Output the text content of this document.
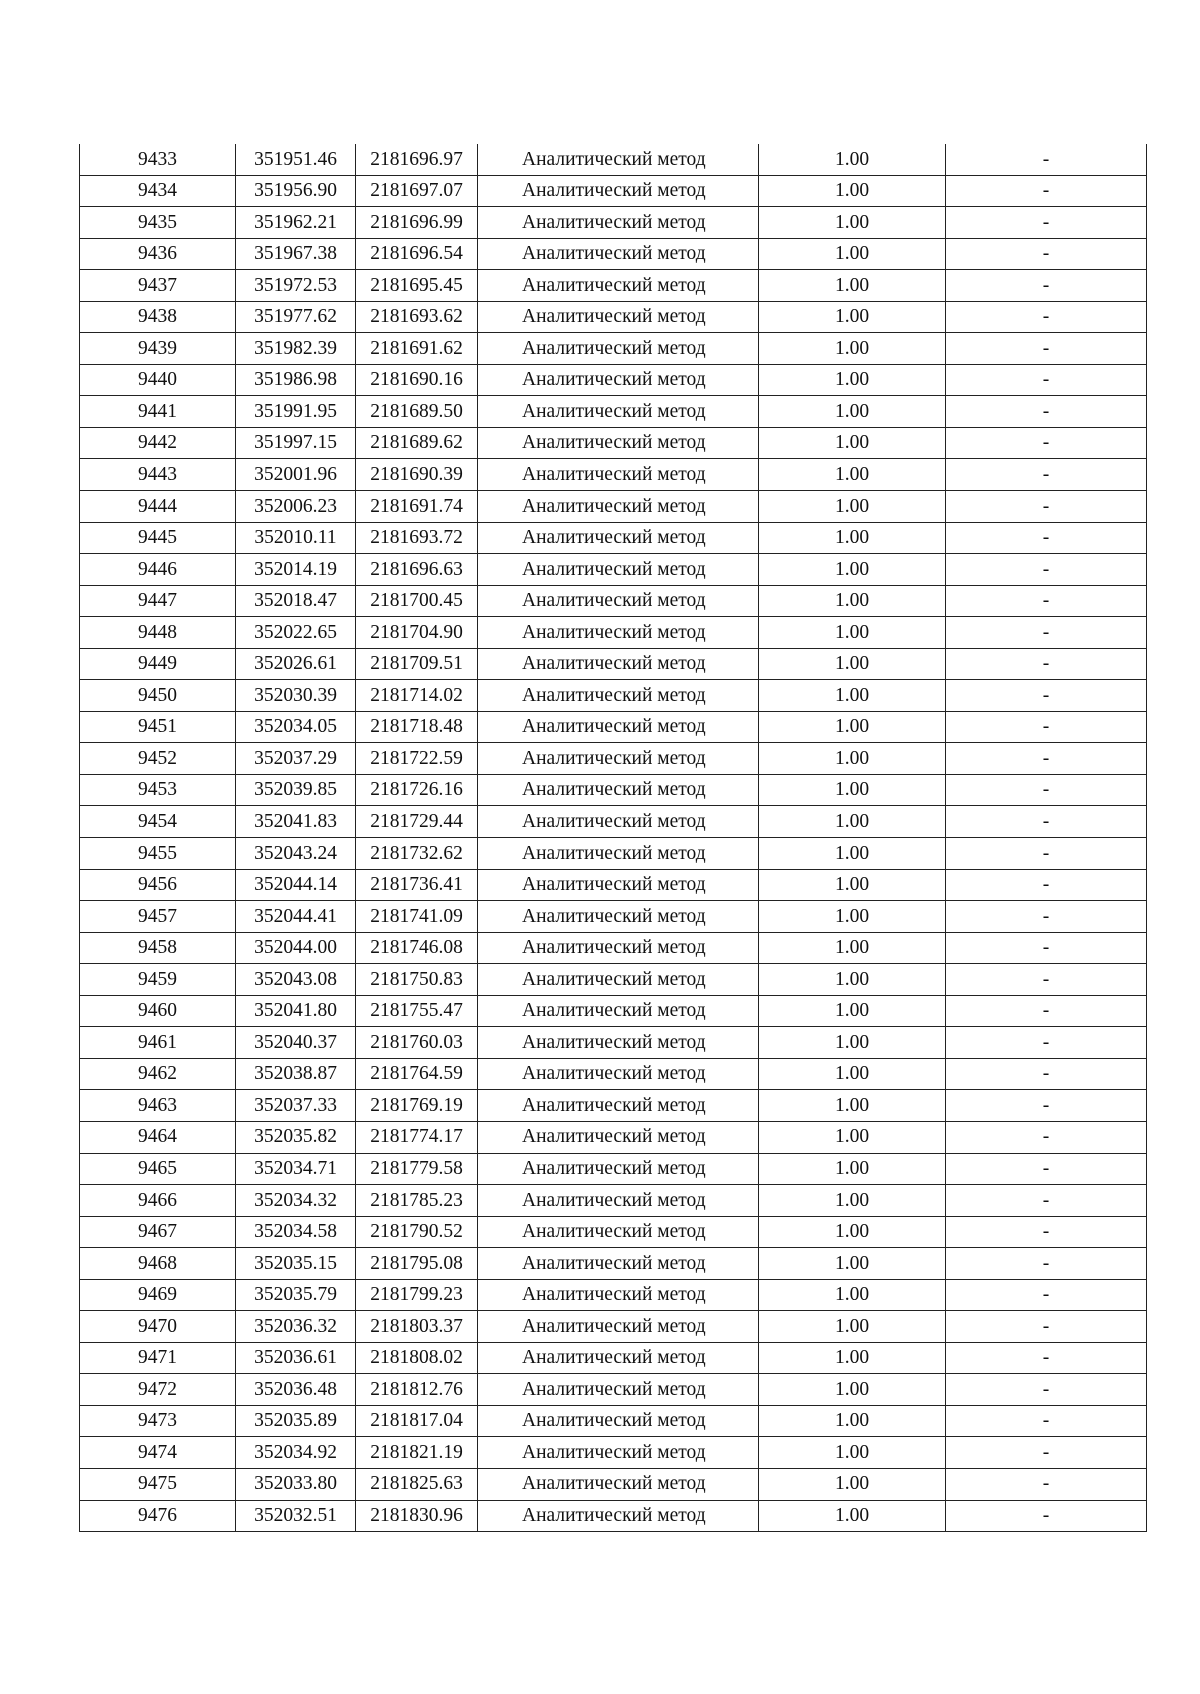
9433	351951.46	2181696.97	Аналитический метод	1.00	-
9434	351956.90	2181697.07	Аналитический метод	1.00	-
9435	351962.21	2181696.99	Аналитический метод	1.00	-
9436	351967.38	2181696.54	Аналитический метод	1.00	-
9437	351972.53	2181695.45	Аналитический метод	1.00	-
9438	351977.62	2181693.62	Аналитический метод	1.00	-
9439	351982.39	2181691.62	Аналитический метод	1.00	-
9440	351986.98	2181690.16	Аналитический метод	1.00	-
9441	351991.95	2181689.50	Аналитический метод	1.00	-
9442	351997.15	2181689.62	Аналитический метод	1.00	-
9443	352001.96	2181690.39	Аналитический метод	1.00	-
9444	352006.23	2181691.74	Аналитический метод	1.00	-
9445	352010.11	2181693.72	Аналитический метод	1.00	-
9446	352014.19	2181696.63	Аналитический метод	1.00	-
9447	352018.47	2181700.45	Аналитический метод	1.00	-
9448	352022.65	2181704.90	Аналитический метод	1.00	-
9449	352026.61	2181709.51	Аналитический метод	1.00	-
9450	352030.39	2181714.02	Аналитический метод	1.00	-
9451	352034.05	2181718.48	Аналитический метод	1.00	-
9452	352037.29	2181722.59	Аналитический метод	1.00	-
9453	352039.85	2181726.16	Аналитический метод	1.00	-
9454	352041.83	2181729.44	Аналитический метод	1.00	-
9455	352043.24	2181732.62	Аналитический метод	1.00	-
9456	352044.14	2181736.41	Аналитический метод	1.00	-
9457	352044.41	2181741.09	Аналитический метод	1.00	-
9458	352044.00	2181746.08	Аналитический метод	1.00	-
9459	352043.08	2181750.83	Аналитический метод	1.00	-
9460	352041.80	2181755.47	Аналитический метод	1.00	-
9461	352040.37	2181760.03	Аналитический метод	1.00	-
9462	352038.87	2181764.59	Аналитический метод	1.00	-
9463	352037.33	2181769.19	Аналитический метод	1.00	-
9464	352035.82	2181774.17	Аналитический метод	1.00	-
9465	352034.71	2181779.58	Аналитический метод	1.00	-
9466	352034.32	2181785.23	Аналитический метод	1.00	-
9467	352034.58	2181790.52	Аналитический метод	1.00	-
9468	352035.15	2181795.08	Аналитический метод	1.00	-
9469	352035.79	2181799.23	Аналитический метод	1.00	-
9470	352036.32	2181803.37	Аналитический метод	1.00	-
9471	352036.61	2181808.02	Аналитический метод	1.00	-
9472	352036.48	2181812.76	Аналитический метод	1.00	-
9473	352035.89	2181817.04	Аналитический метод	1.00	-
9474	352034.92	2181821.19	Аналитический метод	1.00	-
9475	352033.80	2181825.63	Аналитический метод	1.00	-
9476	352032.51	2181830.96	Аналитический метод	1.00	-
